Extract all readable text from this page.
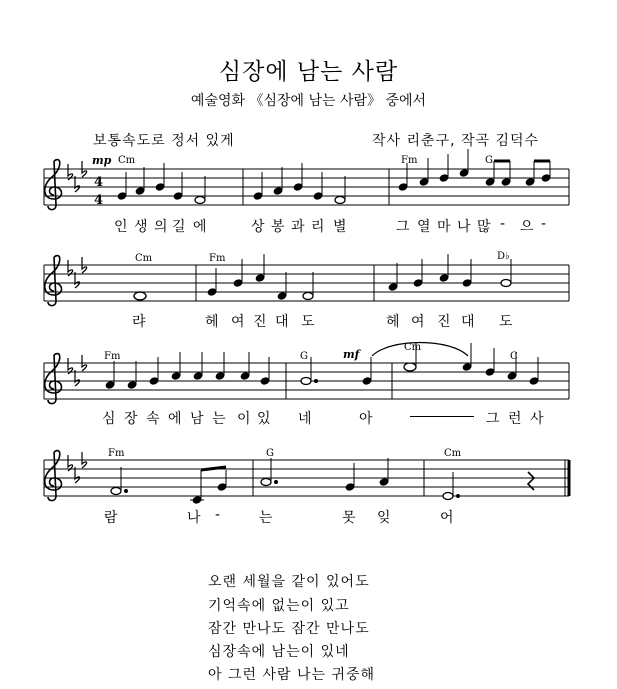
심장에 남는 사람
예술영화 《심장에 남는 사람》 중에서
보통속도로 정서 있게	작사 리춘구, 작곡 김덕수
4
4
mp
mf
Cm	Fm	G
Cm	Fm	D♭
Fm	G
Cm
C
Fm	G	Cm
인 생 의 길 에	상 봉 과 리 별	그 열 마 나 많 - 으 -
랴	헤 여 진 대 도	헤 여 진 대 도
심 장 속 에 남 는 이 있 네	아	그 런 사
람	나 -	는	못 잊	어
오랜 세월을 같이 있어도
기억속에 없는이 있고
잠간 만나도 잠간 만나도
심장속에 남는이 있네
아 그런 사람 나는 귀중해
